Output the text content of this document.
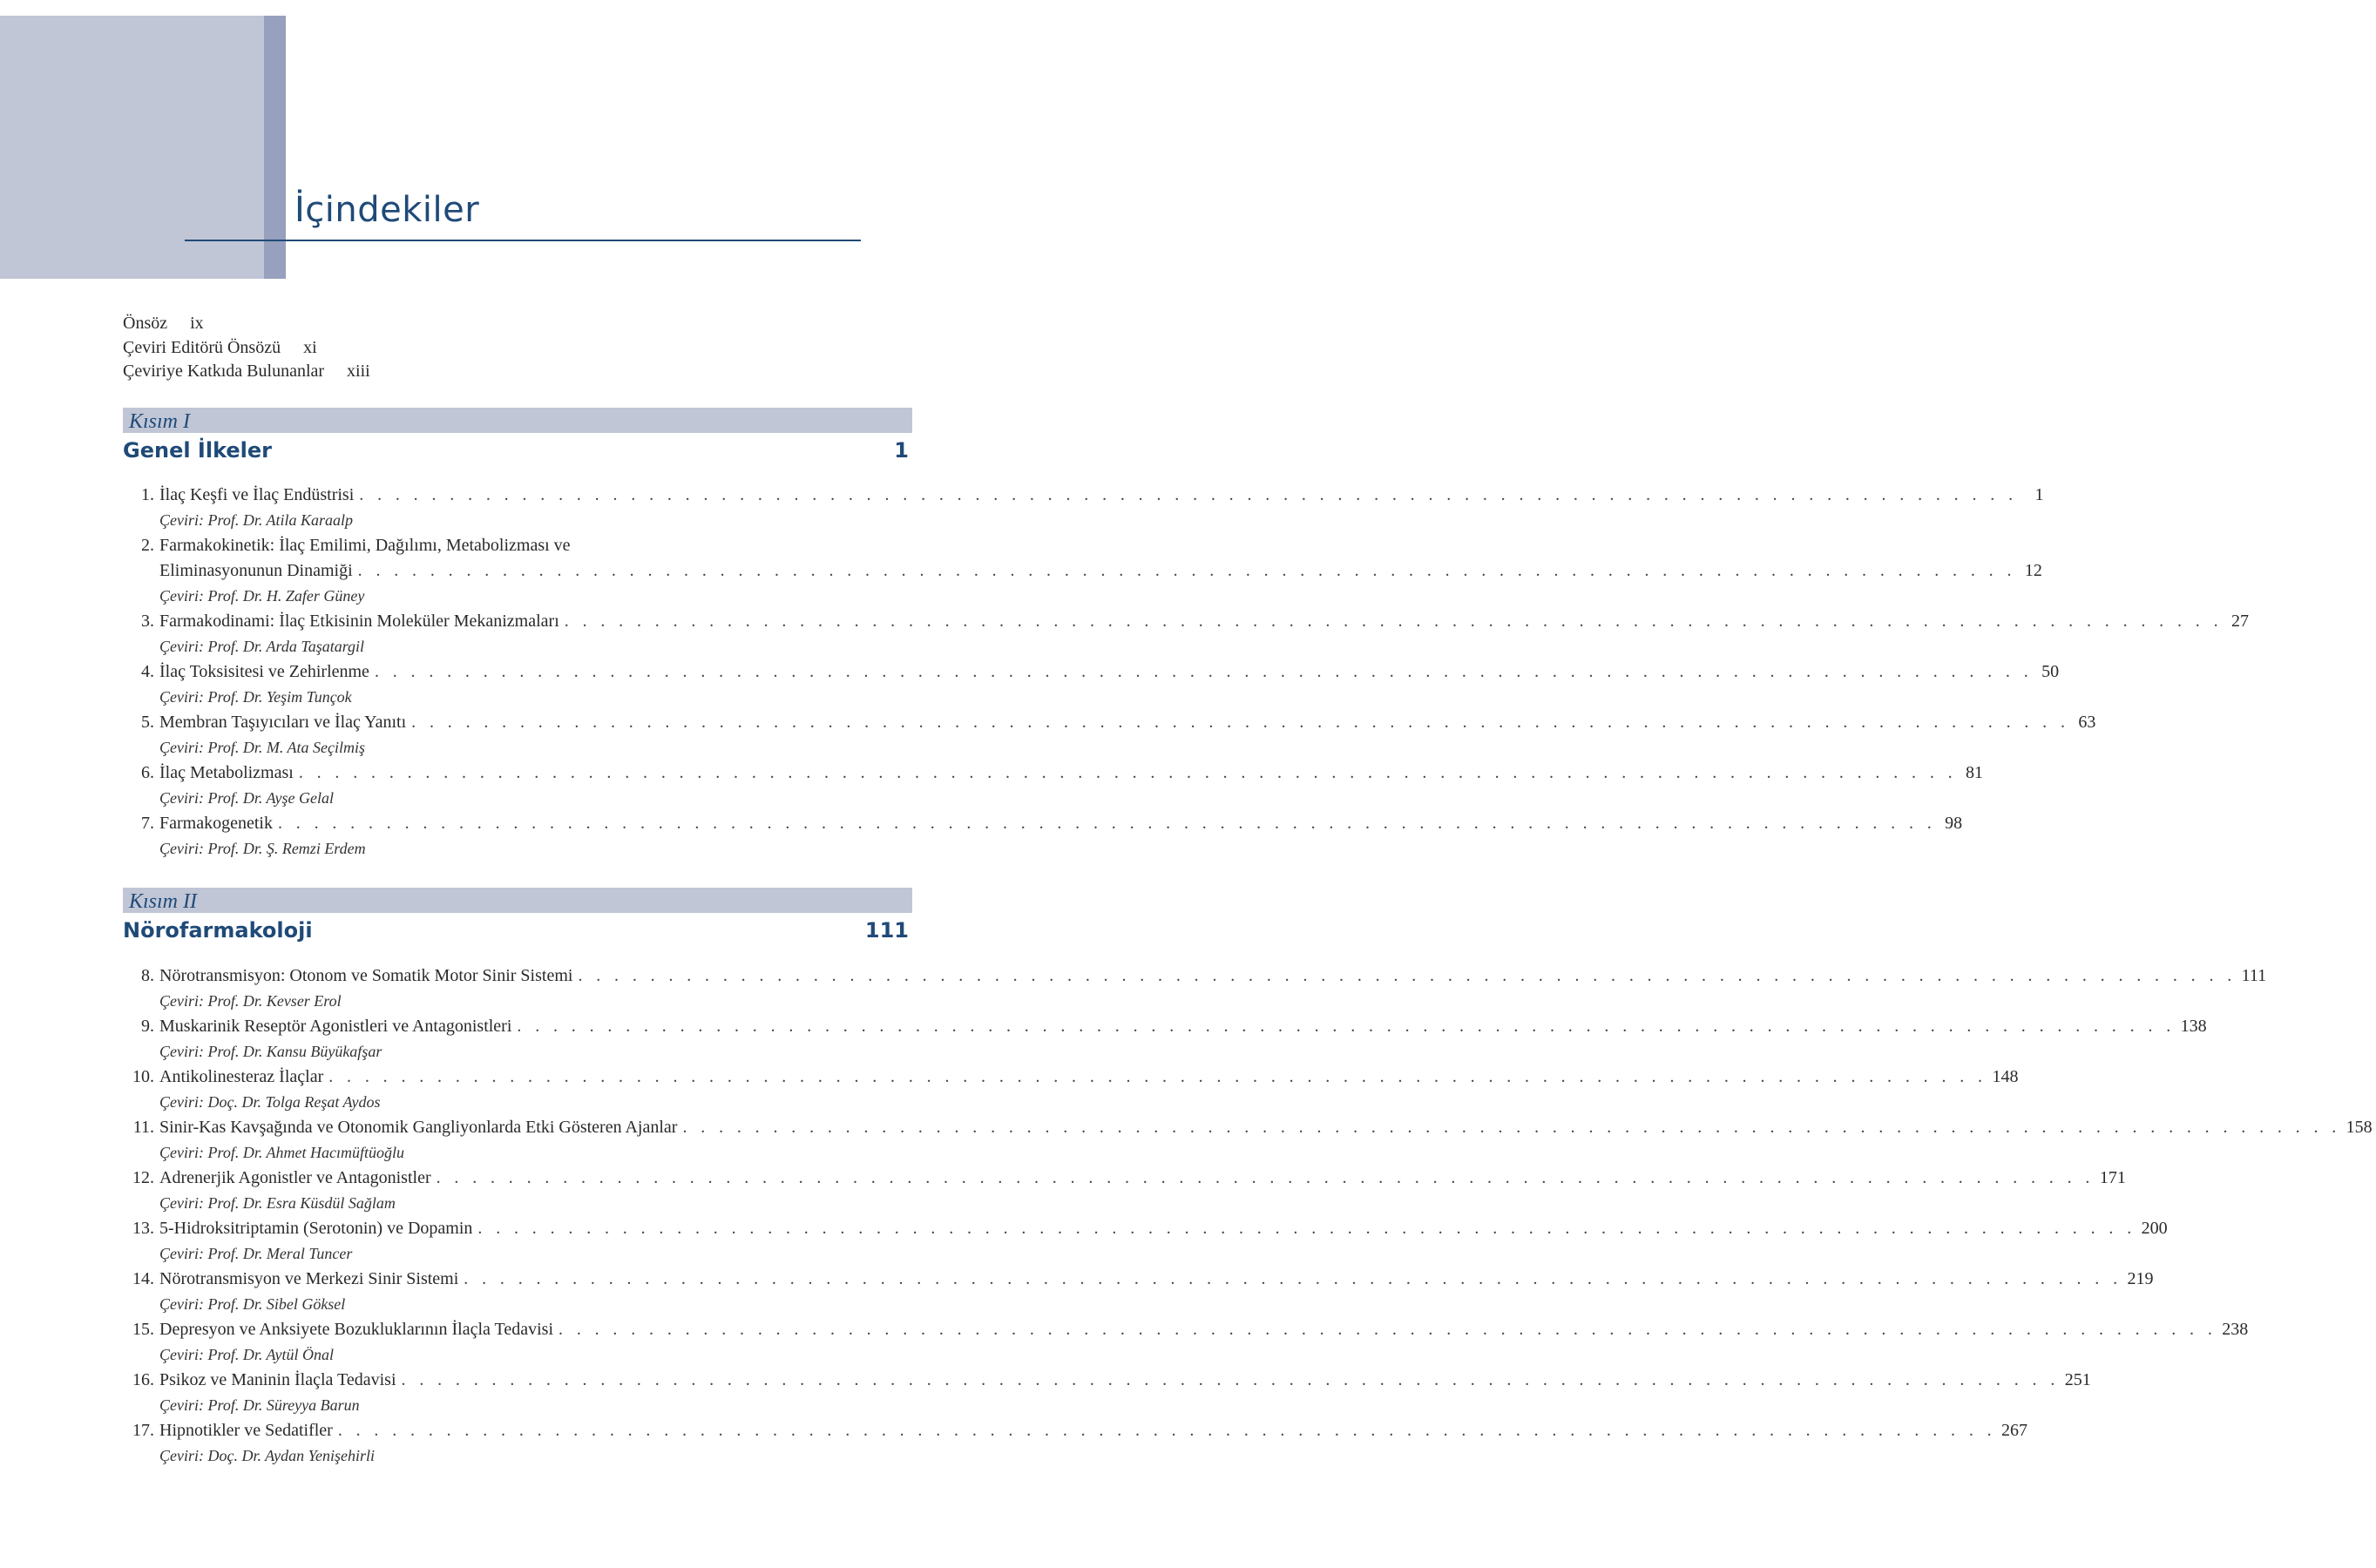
İçindekiler
Önsöz ix
Çeviri Editörü Önsözü xi
Çeviriye Katkıda Bulunanlar xiii
Kısım I
Genel İlkeler	1
1. İlaç Keşfi ve İlaç Endüstrisi . . . . . . . . . . . . . . . . . . . . . . . . . . . . . . . . . . . . . . . . . . . . . . . . . . . . . . . . . . . . . . . . . . . . . . . . . . . . . . . . . . . . . . . . . . . .	1
Çeviri: Prof. Dr. Atila Karaalp
2. Farmakokinetik: İlaç Emilimi, Dağılımı, Metabolizması ve
Eliminasyonunun Dinamiği . . . . . . . . . . . . . . . . . . . . . . . . . . . . . . . . . . . . . . . . . . . . . . . . . . . . . . . . . . . . . . . . . . . . . . . . . . . . . . . . . . . . . . . . . . . . 12
Çeviri: Prof. Dr. H. Zafer Güney
3. Farmakodinami: İlaç Etkisinin Moleküler Mekanizmaları . . . . . . . . . . . . . . . . . . . . . . . . . . . . . . . . . . . . . . . . . . . . . . . . . . . . . . . . . . . . . . . . . . . . . . . . . . . . . . . . . . . . . . . . . . . . 27
Çeviri: Prof. Dr. Arda Taşatargil
4. İlaç Toksisitesi ve Zehirlenme . . . . . . . . . . . . . . . . . . . . . . . . . . . . . . . . . . . . . . . . . . . . . . . . . . . . . . . . . . . . . . . . . . . . . . . . . . . . . . . . . . . . . . . . . . . . 50
Çeviri: Prof. Dr. Yeşim Tunçok
5. Membran Taşıyıcıları ve İlaç Yanıtı . . . . . . . . . . . . . . . . . . . . . . . . . . . . . . . . . . . . . . . . . . . . . . . . . . . . . . . . . . . . . . . . . . . . . . . . . . . . . . . . . . . . . . . . . . . . 63
Çeviri: Prof. Dr. M. Ata Seçilmiş
6. İlaç Metabolizması . . . . . . . . . . . . . . . . . . . . . . . . . . . . . . . . . . . . . . . . . . . . . . . . . . . . . . . . . . . . . . . . . . . . . . . . . . . . . . . . . . . . . . . . . . . . 81
Çeviri: Prof. Dr. Ayşe Gelal
7. Farmakogenetik . . . . . . . . . . . . . . . . . . . . . . . . . . . . . . . . . . . . . . . . . . . . . . . . . . . . . . . . . . . . . . . . . . . . . . . . . . . . . . . . . . . . . . . . . . . . 98
Çeviri: Prof. Dr. Ş. Remzi Erdem
Kısım II
Nörofarmakoloji	111
8. Nörotransmisyon: Otonom ve Somatik Motor Sinir Sistemi . . . . . . . . . . . . . . . . . . . . . . . . . . . . . . . . . . . . . . . . . . . . . . . . . . . . . . . . . . . . . . . . . . . . . . . . . . . . . . . . . . . . . . . . . . . . 111
Çeviri: Prof. Dr. Kevser Erol
9. Muskarinik Reseptör Agonistleri ve Antagonistleri . . . . . . . . . . . . . . . . . . . . . . . . . . . . . . . . . . . . . . . . . . . . . . . . . . . . . . . . . . . . . . . . . . . . . . . . . . . . . . . . . . . . . . . . . . . . 138
Çeviri: Prof. Dr. Kansu Büyükafşar
10. Antikolinesteraz İlaçlar . . . . . . . . . . . . . . . . . . . . . . . . . . . . . . . . . . . . . . . . . . . . . . . . . . . . . . . . . . . . . . . . . . . . . . . . . . . . . . . . . . . . . . . . . . . . 148
Çeviri: Doç. Dr. Tolga Reşat Aydos
11. Sinir-Kas Kavşağında ve Otonomik Gangliyonlarda Etki Gösteren Ajanlar . . . . . . . . . . . . . . . . . . . . . . . . . . . . . . . . . . . . . . . . . . . . . . . . . . . . . . . . . . . . . . . . . . . . . . . . . . . . . . . . . . . . . . . . . . . . 158
Çeviri: Prof. Dr. Ahmet Hacımüftüoğlu
12. Adrenerjik Agonistler ve Antagonistler . . . . . . . . . . . . . . . . . . . . . . . . . . . . . . . . . . . . . . . . . . . . . . . . . . . . . . . . . . . . . . . . . . . . . . . . . . . . . . . . . . . . . . . . . . . . 171
Çeviri: Prof. Dr. Esra Küsdül Sağlam
13. 5-Hidroksitriptamin (Serotonin) ve Dopamin . . . . . . . . . . . . . . . . . . . . . . . . . . . . . . . . . . . . . . . . . . . . . . . . . . . . . . . . . . . . . . . . . . . . . . . . . . . . . . . . . . . . . . . . . . . . 200
Çeviri: Prof. Dr. Meral Tuncer
14. Nörotransmisyon ve Merkezi Sinir Sistemi . . . . . . . . . . . . . . . . . . . . . . . . . . . . . . . . . . . . . . . . . . . . . . . . . . . . . . . . . . . . . . . . . . . . . . . . . . . . . . . . . . . . . . . . . . . . 219
Çeviri: Prof. Dr. Sibel Göksel
15. Depresyon ve Anksiyete Bozukluklarının İlaçla Tedavisi . . . . . . . . . . . . . . . . . . . . . . . . . . . . . . . . . . . . . . . . . . . . . . . . . . . . . . . . . . . . . . . . . . . . . . . . . . . . . . . . . . . . . . . . . . . . 238
Çeviri: Prof. Dr. Aytül Önal
16. Psikoz ve Maninin İlaçla Tedavisi . . . . . . . . . . . . . . . . . . . . . . . . . . . . . . . . . . . . . . . . . . . . . . . . . . . . . . . . . . . . . . . . . . . . . . . . . . . . . . . . . . . . . . . . . . . . 251
Çeviri: Prof. Dr. Süreyya Barun
17. Hipnotikler ve Sedatifler . . . . . . . . . . . . . . . . . . . . . . . . . . . . . . . . . . . . . . . . . . . . . . . . . . . . . . . . . . . . . . . . . . . . . . . . . . . . . . . . . . . . . . . . . . . . 267
Çeviri: Doç. Dr. Aydan Yenişehirli
